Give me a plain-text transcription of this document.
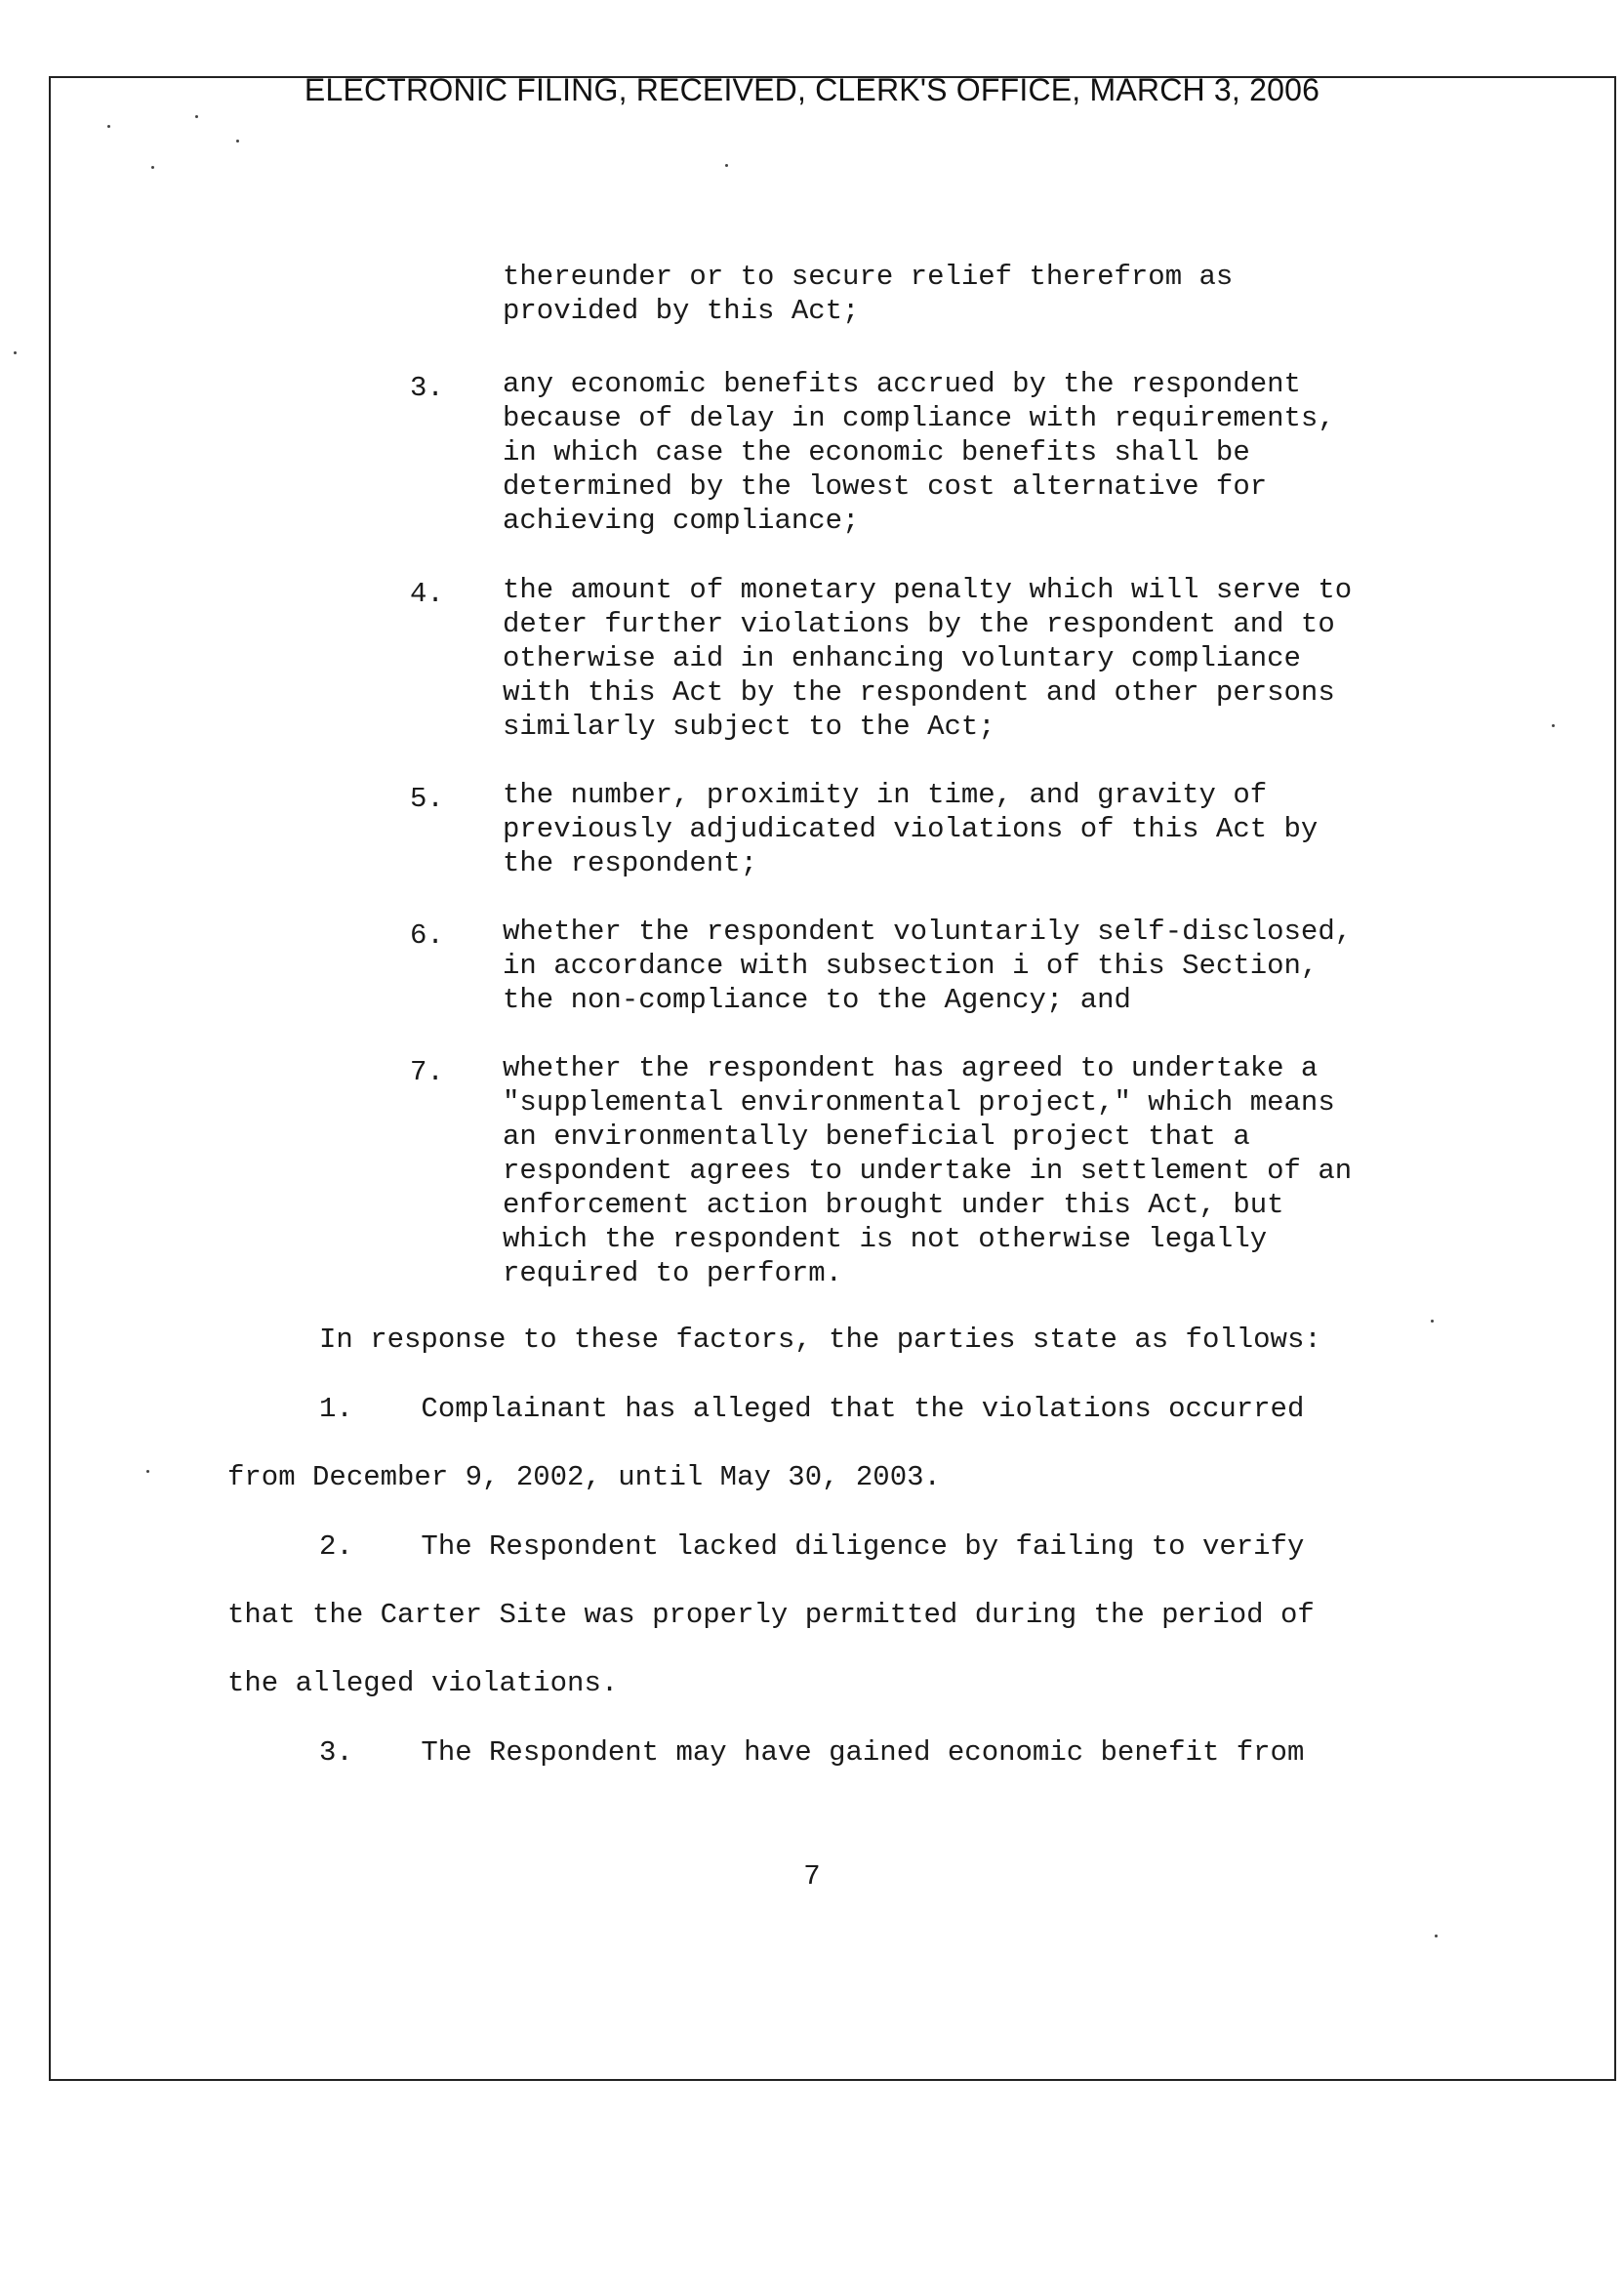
ELECTRONIC FILING, RECEIVED, CLERK'S OFFICE, MARCH 3, 2006
thereunder or to secure relief therefrom as
provided by this Act;
3. any economic benefits accrued by the respondent
because of delay in compliance with requirements,
in which case the economic benefits shall be
determined by the lowest cost alternative for
achieving compliance;
4. the amount of monetary penalty which will serve to
deter further violations by the respondent and to
otherwise aid in enhancing voluntary compliance
with this Act by the respondent and other persons
similarly subject to the Act;
5. the number, proximity in time, and gravity of
previously adjudicated violations of this Act by
the respondent;
6. whether the respondent voluntarily self-disclosed,
in accordance with subsection i of this Section,
the non-compliance to the Agency; and
7. whether the respondent has agreed to undertake a
"supplemental environmental project," which means
an environmentally beneficial project that a
respondent agrees to undertake in settlement of an
enforcement action brought under this Act, but
which the respondent is not otherwise legally
required to perform.
In response to these factors, the parties state as follows:
1.    Complainant has alleged that the violations occurred
from December 9, 2002, until May 30, 2003.
2.    The Respondent lacked diligence by failing to verify
that the Carter Site was properly permitted during the period of
the alleged violations.
3.    The Respondent may have gained economic benefit from
7
